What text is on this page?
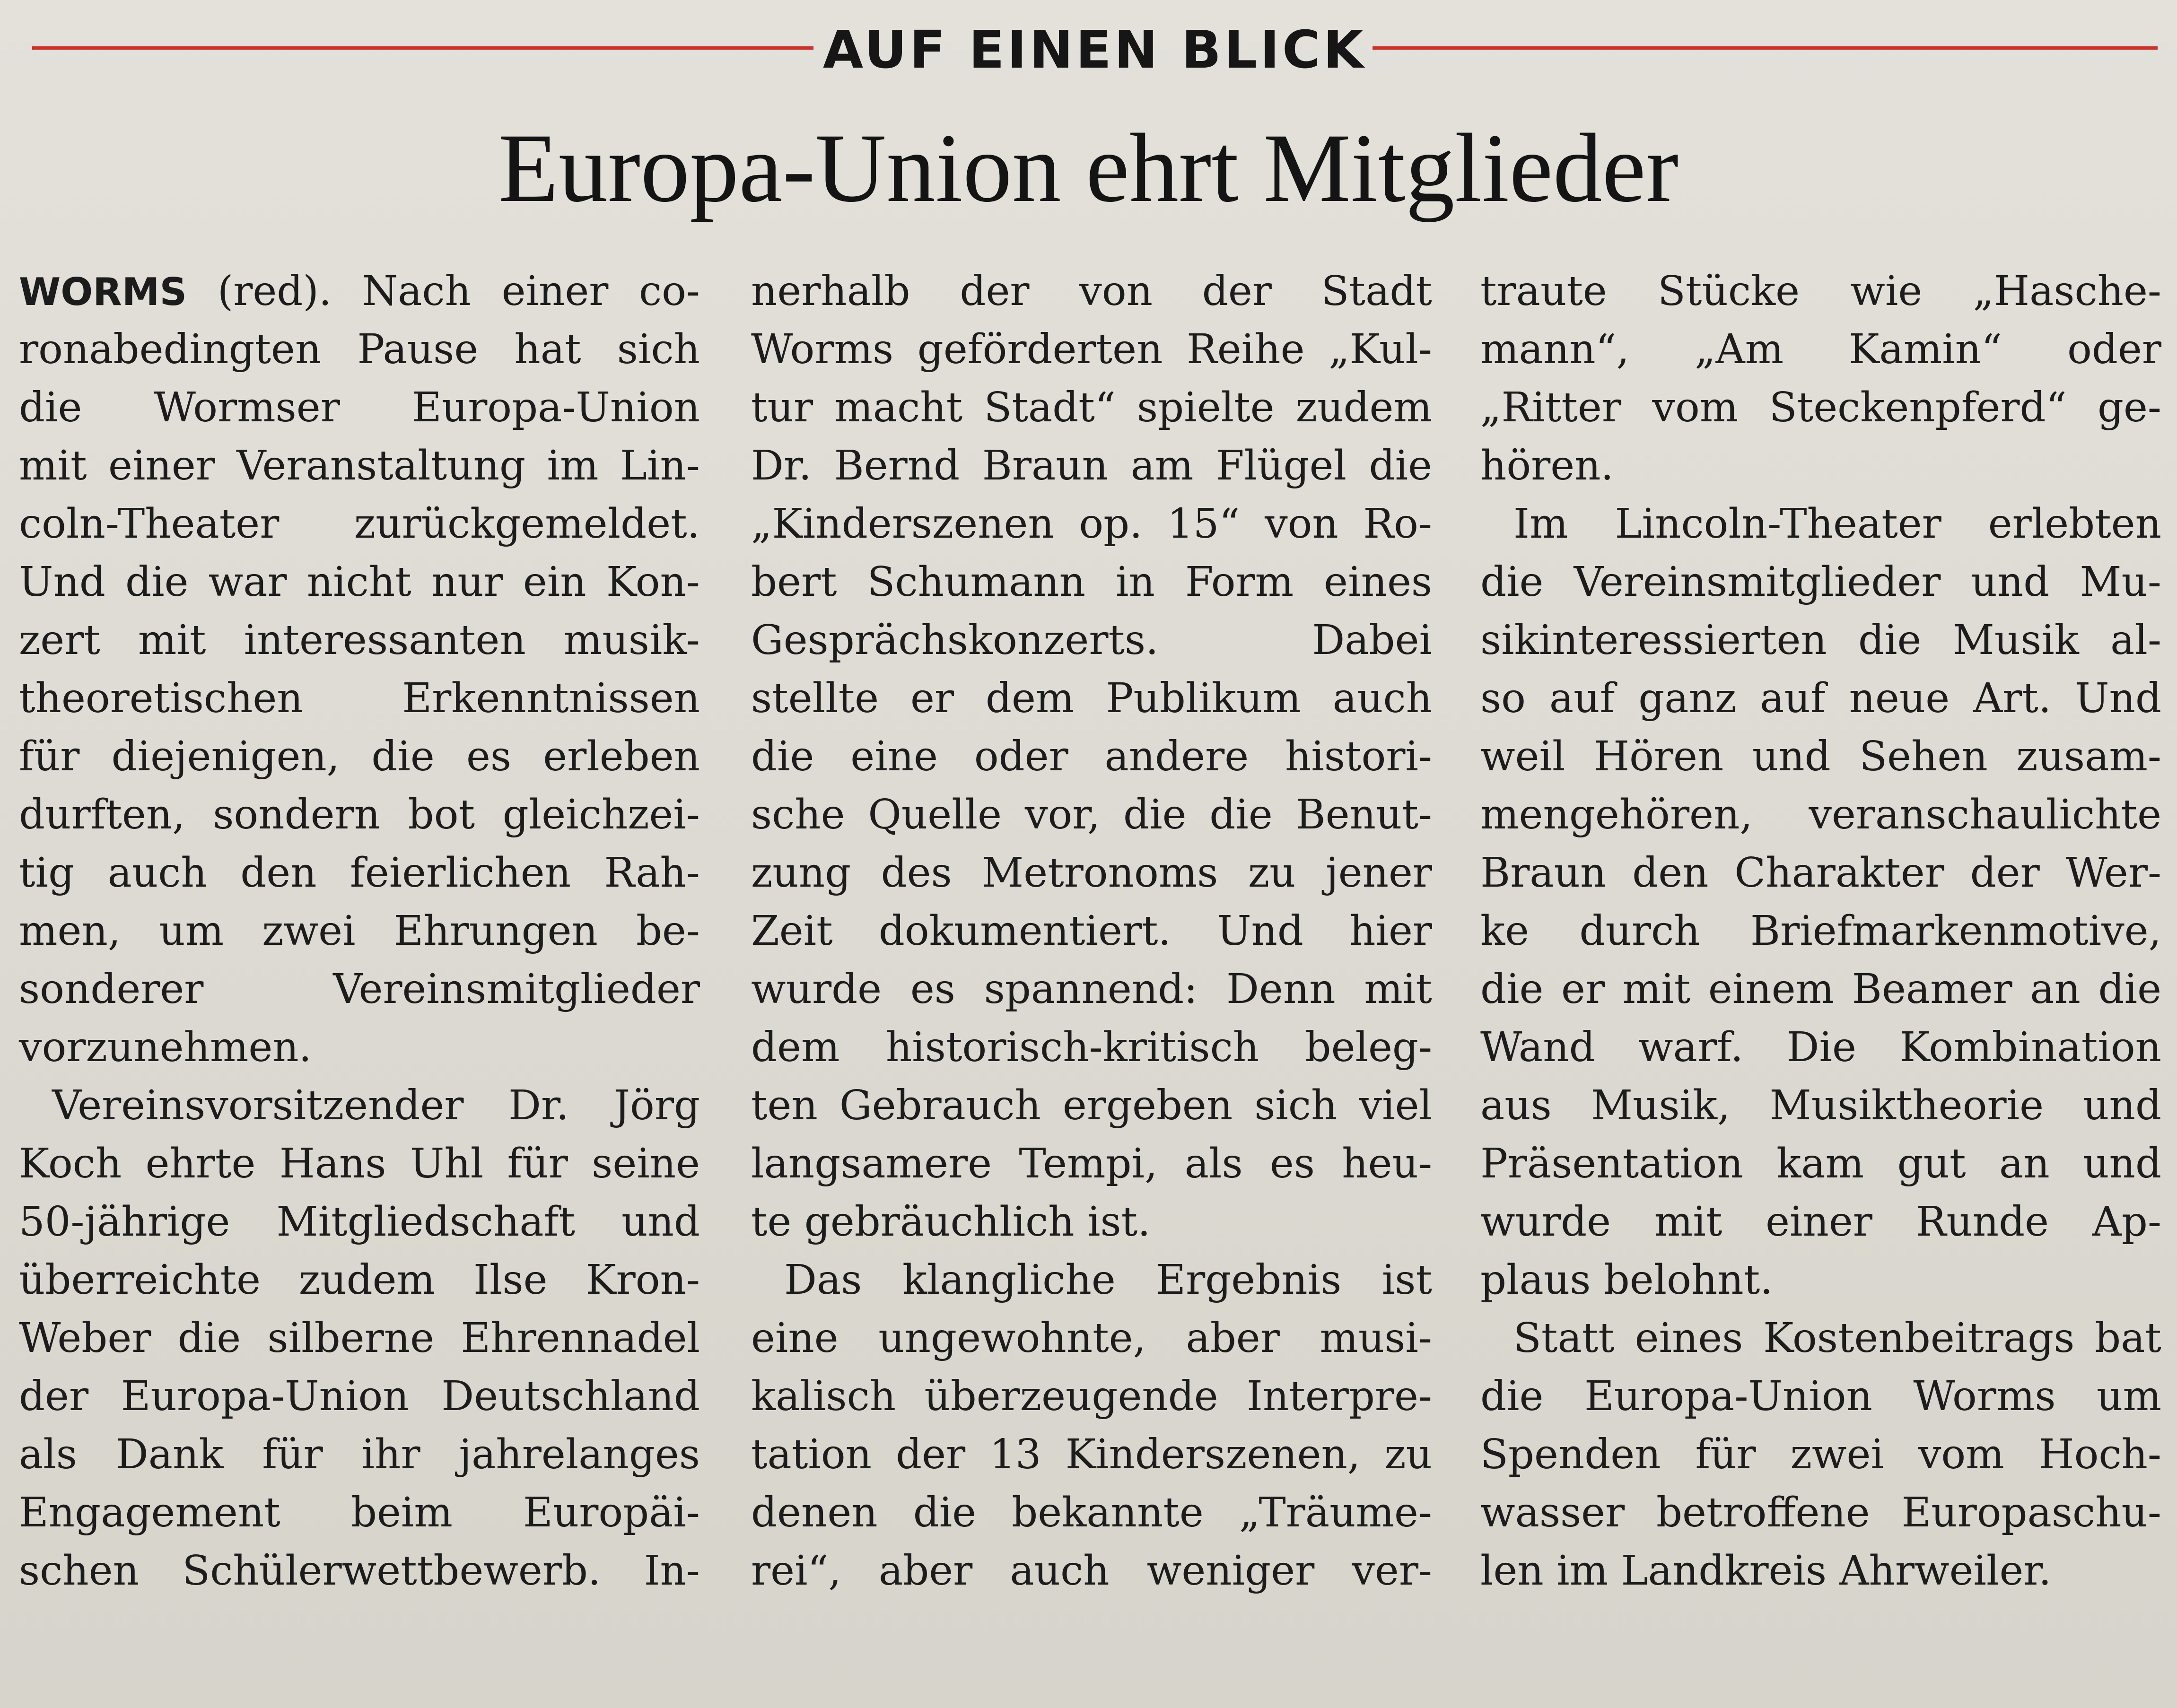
AUF EINEN BLICK
Europa-Union ehrt Mitglieder
WORMS (red). Nach einer co-
ronabedingten Pause hat sich
die Wormser Europa-Union
mit einer Veranstaltung im Lin-
coln-Theater zurückgemeldet.
Und die war nicht nur ein Kon-
zert mit interessanten musik-
theoretischen Erkenntnissen
für diejenigen, die es erleben
durften, sondern bot gleichzei-
tig auch den feierlichen Rah-
men, um zwei Ehrungen be-
sonderer Vereinsmitglieder
vorzunehmen.
Vereinsvorsitzender Dr. Jörg
Koch ehrte Hans Uhl für seine
50-jährige Mitgliedschaft und
überreichte zudem Ilse Kron-
Weber die silberne Ehrennadel
der Europa-Union Deutschland
als Dank für ihr jahrelanges
Engagement beim Europäi-
schen Schülerwettbewerb. In-
nerhalb der von der Stadt
Worms geförderten Reihe „Kul-
tur macht Stadt“ spielte zudem
Dr. Bernd Braun am Flügel die
„Kinderszenen op. 15“ von Ro-
bert Schumann in Form eines
Gesprächskonzerts. Dabei
stellte er dem Publikum auch
die eine oder andere histori-
sche Quelle vor, die die Benut-
zung des Metronoms zu jener
Zeit dokumentiert. Und hier
wurde es spannend: Denn mit
dem historisch-kritisch beleg-
ten Gebrauch ergeben sich viel
langsamere Tempi, als es heu-
te gebräuchlich ist.
Das klangliche Ergebnis ist
eine ungewohnte, aber musi-
kalisch überzeugende Interpre-
tation der 13 Kinderszenen, zu
denen die bekannte „Träume-
rei“, aber auch weniger ver-
traute Stücke wie „Hasche-
mann“, „Am Kamin“ oder
„Ritter vom Steckenpferd“ ge-
hören.
Im Lincoln-Theater erlebten
die Vereinsmitglieder und Mu-
sikinteressierten die Musik al-
so auf ganz auf neue Art. Und
weil Hören und Sehen zusam-
mengehören, veranschaulichte
Braun den Charakter der Wer-
ke durch Briefmarkenmotive,
die er mit einem Beamer an die
Wand warf. Die Kombination
aus Musik, Musiktheorie und
Präsentation kam gut an und
wurde mit einer Runde Ap-
plaus belohnt.
Statt eines Kostenbeitrags bat
die Europa-Union Worms um
Spenden für zwei vom Hoch-
wasser betroffene Europaschu-
len im Landkreis Ahrweiler.
